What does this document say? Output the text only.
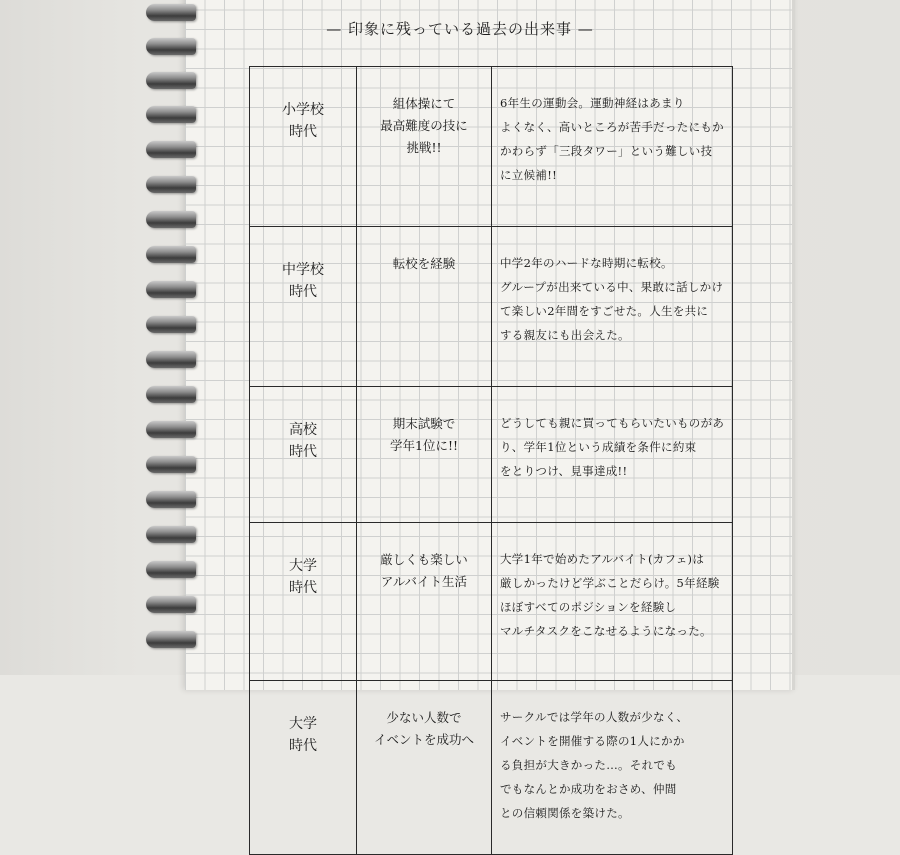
— 印象に残っている過去の出来事 —
小学校
時代	組体操にて
最高難度の技に
挑戦!!	6年生の運動会。運動神経はあまり
よくなく、高いところが苦手だったにもか
かわらず「三段タワー」という難しい技
に立候補!!

中学校
時代	転校を経験	中学2年のハードな時期に転校。
グループが出来ている中、果敢に話しかけ
て楽しい2年間をすごせた。人生を共に
する親友にも出会えた。

高校
時代	期末試験で
学年1位に!!	どうしても親に買ってもらいたいものがあ
り、学年1位という成績を条件に約束
をとりつけ、見事達成!!

大学
時代	厳しくも楽しい
アルバイト生活	大学1年で始めたアルバイト(カフェ)は
厳しかったけど学ぶことだらけ。5年経験
ほぼすべてのポジションを経験し
マルチタスクをこなせるようになった。

大学
時代	少ない人数で
イベントを成功へ	サークルでは学年の人数が少なく、
イベントを開催する際の1人にかか
る負担が大きかった…。それでも
でもなんとか成功をおさめ、仲間
との信頼関係を築けた。
